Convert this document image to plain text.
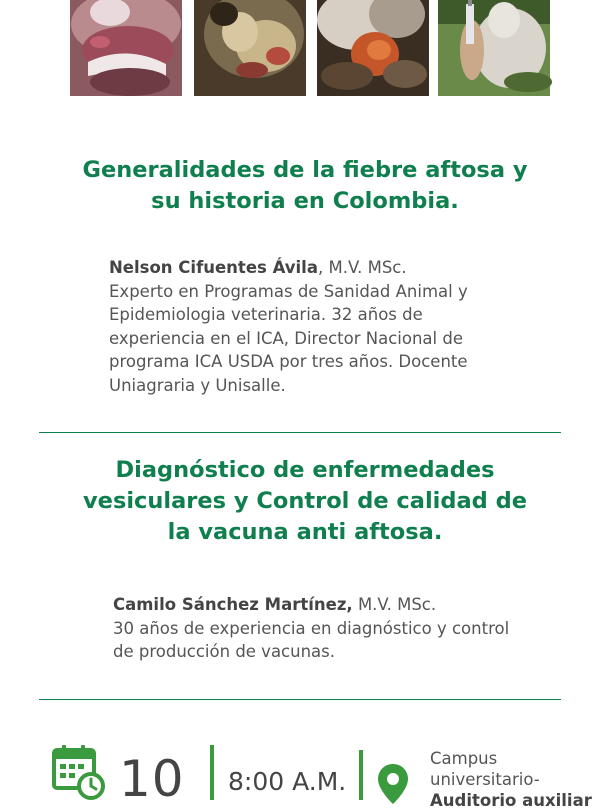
Generalidades de la fiebre aftosa y
su historia en Colombia.
Nelson Cifuentes Ávila, M.V. MSc.
Experto en Programas de Sanidad Animal y
Epidemiologia veterinaria. 32 años de
experiencia en el ICA, Director Nacional de
programa ICA USDA por tres años. Docente
Uniagraria y Unisalle.
Diagnóstico de enfermedades
vesiculares y Control de calidad de
la vacuna anti aftosa.
Camilo Sánchez Martínez, M.V. MSc.
30 años de experiencia en diagnóstico y control
de producción de vacunas.
10 8:00 A.M.
Campus
universitario-
Auditorio auxiliar
